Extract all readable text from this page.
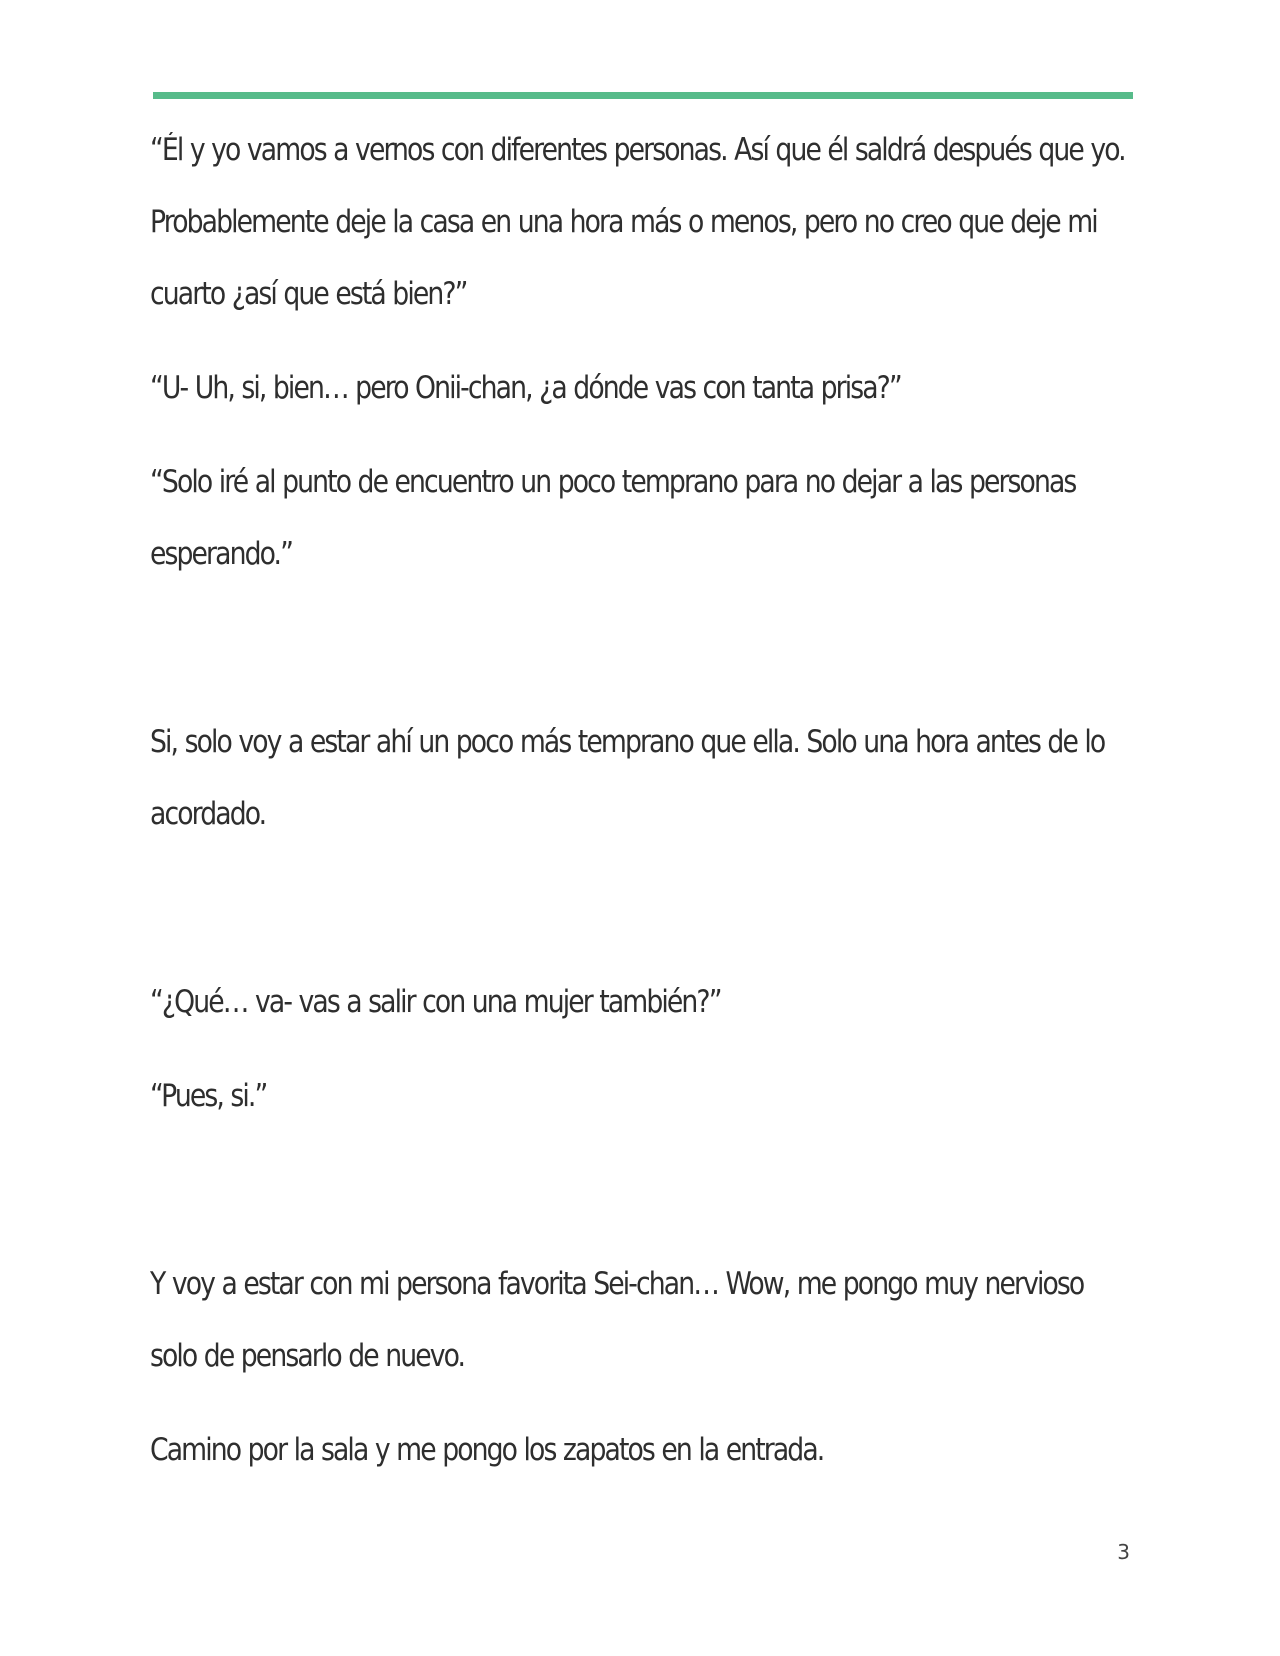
“Él y yo vamos a vernos con diferentes personas. Así que él saldrá después que yo. Probablemente deje la casa en una hora más o menos, pero no creo que deje mi cuarto ¿así que está bien?”

“U- Uh, si, bien… pero Onii-chan, ¿a dónde vas con tanta prisa?”

“Solo iré al punto de encuentro un poco temprano para no dejar a las personas esperando.”

Si, solo voy a estar ahí un poco más temprano que ella. Solo una hora antes de lo acordado.

“¿Qué… va- vas a salir con una mujer también?”

“Pues, si.”

Y voy a estar con mi persona favorita Sei-chan… Wow, me pongo muy nervioso solo de pensarlo de nuevo.

Camino por la sala y me pongo los zapatos en la entrada.

3
